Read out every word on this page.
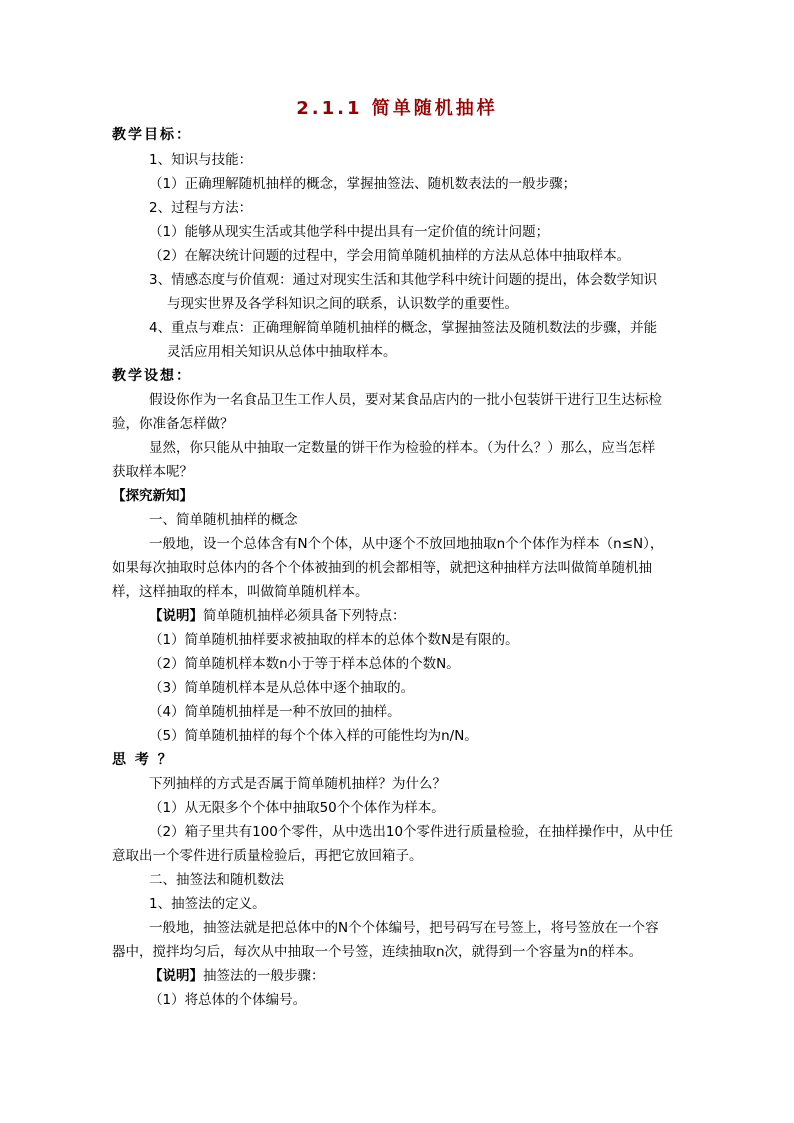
2.1.1 简单随机抽样
教学目标：
1、知识与技能：
（1）正确理解随机抽样的概念，掌握抽签法、随机数表法的一般步骤；
2、过程与方法：
（1）能够从现实生活或其他学科中提出具有一定价值的统计问题；
（2）在解决统计问题的过程中，学会用简单随机抽样的方法从总体中抽取样本。
3、情感态度与价值观：通过对现实生活和其他学科中统计问题的提出，体会数学知识
与现实世界及各学科知识之间的联系，认识数学的重要性。
4、重点与难点：正确理解简单随机抽样的概念，掌握抽签法及随机数法的步骤，并能
灵活应用相关知识从总体中抽取样本。
教学设想：
假设你作为一名食品卫生工作人员，要对某食品店内的一批小包装饼干进行卫生达标检
验，你准备怎样做？
显然，你只能从中抽取一定数量的饼干作为检验的样本。（为什么？）那么，应当怎样
获取样本呢？
【探究新知】
一、简单随机抽样的概念
一般地，设一个总体含有N个个体，从中逐个不放回地抽取n个个体作为样本（n≤N），
如果每次抽取时总体内的各个个体被抽到的机会都相等，就把这种抽样方法叫做简单随机抽
样，这样抽取的样本，叫做简单随机样本。
【说明】简单随机抽样必须具备下列特点：
（1）简单随机抽样要求被抽取的样本的总体个数N是有限的。
（2）简单随机样本数n小于等于样本总体的个数N。
（3）简单随机样本是从总体中逐个抽取的。
（4）简单随机抽样是一种不放回的抽样。
（5）简单随机抽样的每个个体入样的可能性均为n/N。
思 考 ？
下列抽样的方式是否属于简单随机抽样？为什么？
（1）从无限多个个体中抽取50个个体作为样本。
（2）箱子里共有100个零件，从中选出10个零件进行质量检验，在抽样操作中，从中任
意取出一个零件进行质量检验后，再把它放回箱子。
二、抽签法和随机数法
1、抽签法的定义。
一般地，抽签法就是把总体中的N个个体编号，把号码写在号签上，将号签放在一个容
器中，搅拌均匀后，每次从中抽取一个号签，连续抽取n次，就得到一个容量为n的样本。
【说明】抽签法的一般步骤：
（1）将总体的个体编号。
